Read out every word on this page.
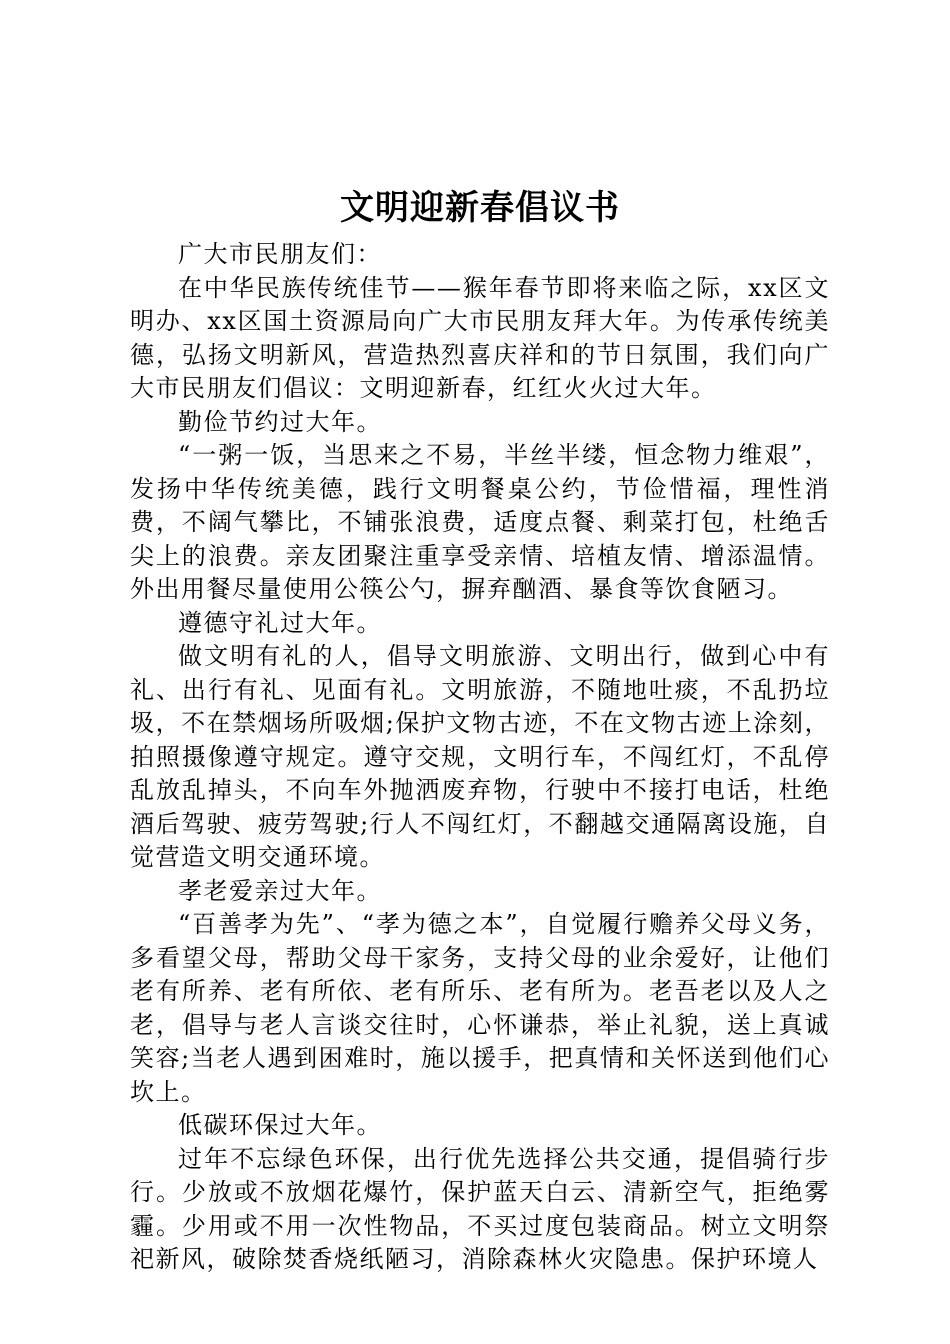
文明迎新春倡议书

广大市民朋友们：

在中华民族传统佳节——猴年春节即将来临之际，xx区文明办、xx区国土资源局向广大市民朋友拜大年。为传承传统美德，弘扬文明新风，营造热烈喜庆祥和的节日氛围，我们向广大市民朋友们倡议：文明迎新春，红红火火过大年。

勤俭节约过大年。

“一粥一饭，当思来之不易，半丝半缕，恒念物力维艰”，发扬中华传统美德，践行文明餐桌公约，节俭惜福，理性消费，不阔气攀比，不铺张浪费，适度点餐、剩菜打包，杜绝舌尖上的浪费。亲友团聚注重享受亲情、培植友情、增添温情。外出用餐尽量使用公筷公勺，摒弃酗酒、暴食等饮食陋习。

遵德守礼过大年。

做文明有礼的人，倡导文明旅游、文明出行，做到心中有礼、出行有礼、见面有礼。文明旅游，不随地吐痰，不乱扔垃圾，不在禁烟场所吸烟;保护文物古迹，不在文物古迹上涂刻，拍照摄像遵守规定。遵守交规，文明行车，不闯红灯，不乱停乱放乱掉头，不向车外抛洒废弃物，行驶中不接打电话，杜绝酒后驾驶、疲劳驾驶;行人不闯红灯，不翻越交通隔离设施，自觉营造文明交通环境。

孝老爱亲过大年。

“百善孝为先”、“孝为德之本”，自觉履行赡养父母义务，多看望父母，帮助父母干家务，支持父母的业余爱好，让他们老有所养、老有所依、老有所乐、老有所为。老吾老以及人之老，倡导与老人言谈交往时，心怀谦恭，举止礼貌，送上真诚笑容;当老人遇到困难时，施以援手，把真情和关怀送到他们心坎上。

低碳环保过大年。

过年不忘绿色环保，出行优先选择公共交通，提倡骑行步行。少放或不放烟花爆竹，保护蓝天白云、清新空气，拒绝雾霾。少用或不用一次性物品，不买过度包装商品。树立文明祭祀新风，破除焚香烧纸陋习，消除森林火灾隐患。保护环境人
